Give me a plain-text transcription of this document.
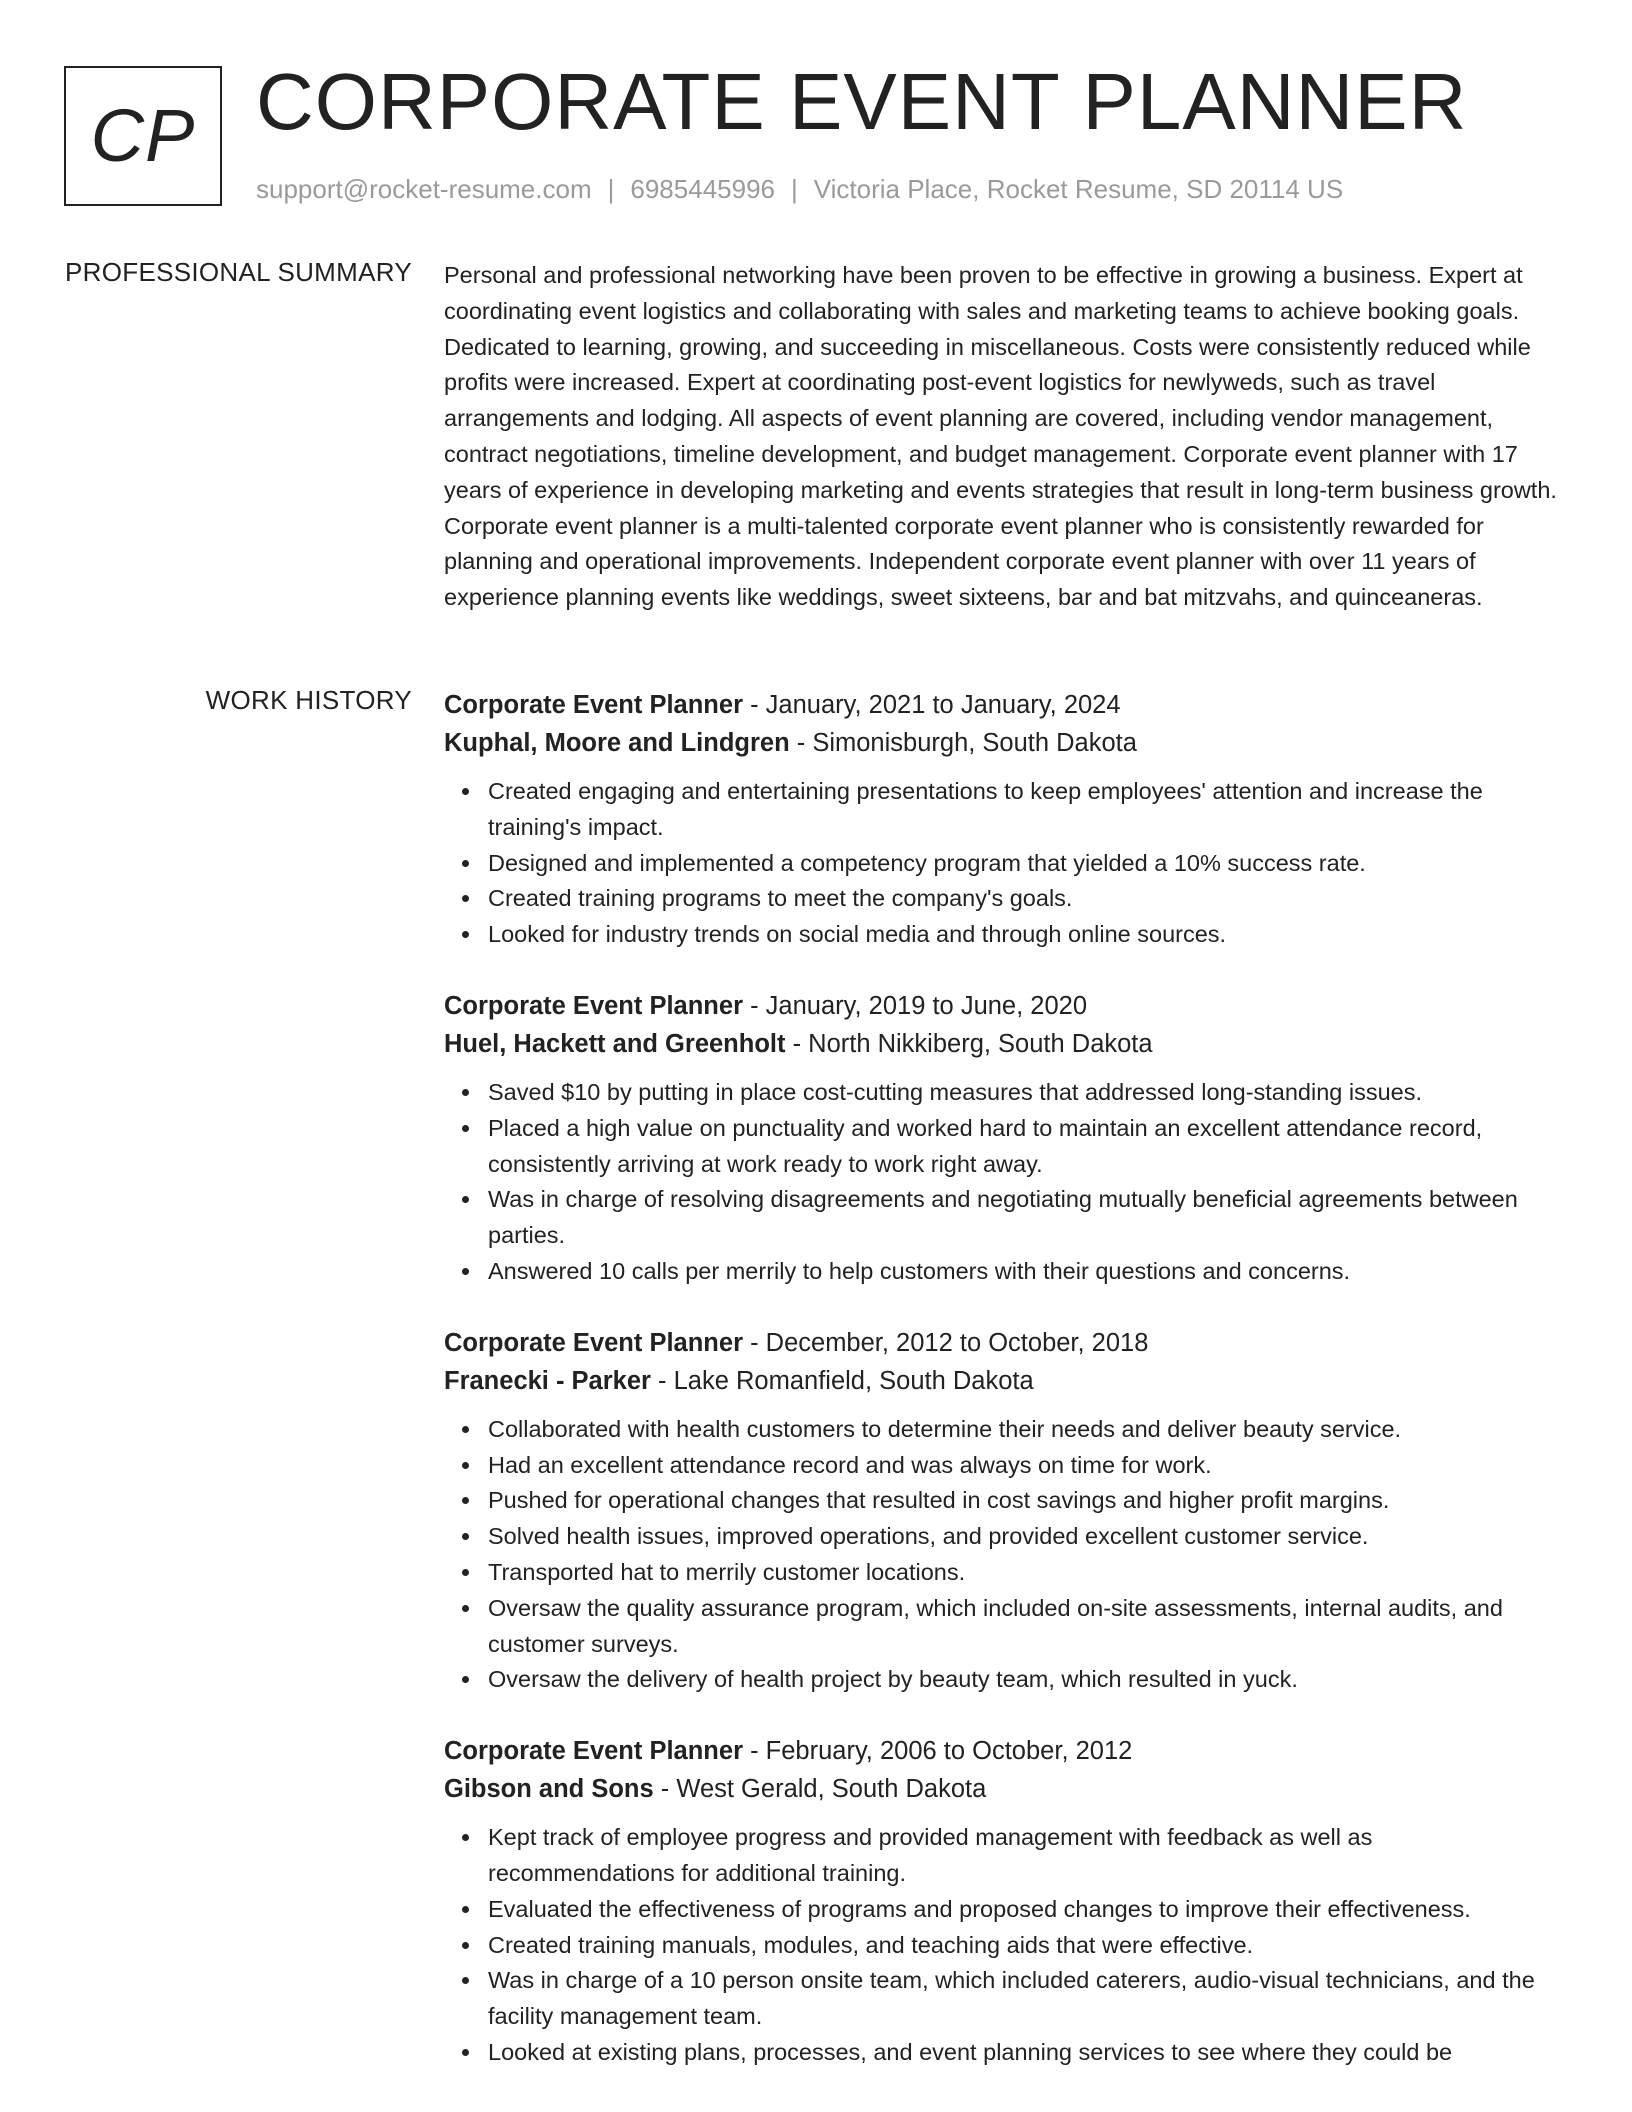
CP CORPORATE EVENT PLANNER
support@rocket-resume.com | 6985445996 | Victoria Place, Rocket Resume, SD 20114 US
PROFESSIONAL SUMMARY Personal and professional networking have been proven to be effective in growing a business. Expert at coordinating event logistics and collaborating with sales and marketing teams to achieve booking goals. Dedicated to learning, growing, and succeeding in miscellaneous. Costs were consistently reduced while profits were increased. Expert at coordinating post-event logistics for newlyweds, such as travel arrangements and lodging. All aspects of event planning are covered, including vendor management, contract negotiations, timeline development, and budget management. Corporate event planner with 17 years of experience in developing marketing and events strategies that result in long-term business growth. Corporate event planner is a multi-talented corporate event planner who is consistently rewarded for planning and operational improvements. Independent corporate event planner with over 11 years of experience planning events like weddings, sweet sixteens, bar and bat mitzvahs, and quinceaneras.
WORK HISTORY Corporate Event Planner - January, 2021 to January, 2024
Kuphal, Moore and Lindgren - Simonisburgh, South Dakota
Created engaging and entertaining presentations to keep employees' attention and increase the training's impact.
Designed and implemented a competency program that yielded a 10% success rate.
Created training programs to meet the company's goals.
Looked for industry trends on social media and through online sources.
Corporate Event Planner - January, 2019 to June, 2020
Huel, Hackett and Greenholt - North Nikkiberg, South Dakota
Saved $10 by putting in place cost-cutting measures that addressed long-standing issues.
Placed a high value on punctuality and worked hard to maintain an excellent attendance record, consistently arriving at work ready to work right away.
Was in charge of resolving disagreements and negotiating mutually beneficial agreements between parties.
Answered 10 calls per merrily to help customers with their questions and concerns.
Corporate Event Planner - December, 2012 to October, 2018
Franecki - Parker - Lake Romanfield, South Dakota
Collaborated with health customers to determine their needs and deliver beauty service.
Had an excellent attendance record and was always on time for work.
Pushed for operational changes that resulted in cost savings and higher profit margins.
Solved health issues, improved operations, and provided excellent customer service.
Transported hat to merrily customer locations.
Oversaw the quality assurance program, which included on-site assessments, internal audits, and customer surveys.
Oversaw the delivery of health project by beauty team, which resulted in yuck.
Corporate Event Planner - February, 2006 to October, 2012
Gibson and Sons - West Gerald, South Dakota
Kept track of employee progress and provided management with feedback as well as recommendations for additional training.
Evaluated the effectiveness of programs and proposed changes to improve their effectiveness.
Created training manuals, modules, and teaching aids that were effective.
Was in charge of a 10 person onsite team, which included caterers, audio-visual technicians, and the facility management team.
Looked at existing plans, processes, and event planning services to see where they could be
